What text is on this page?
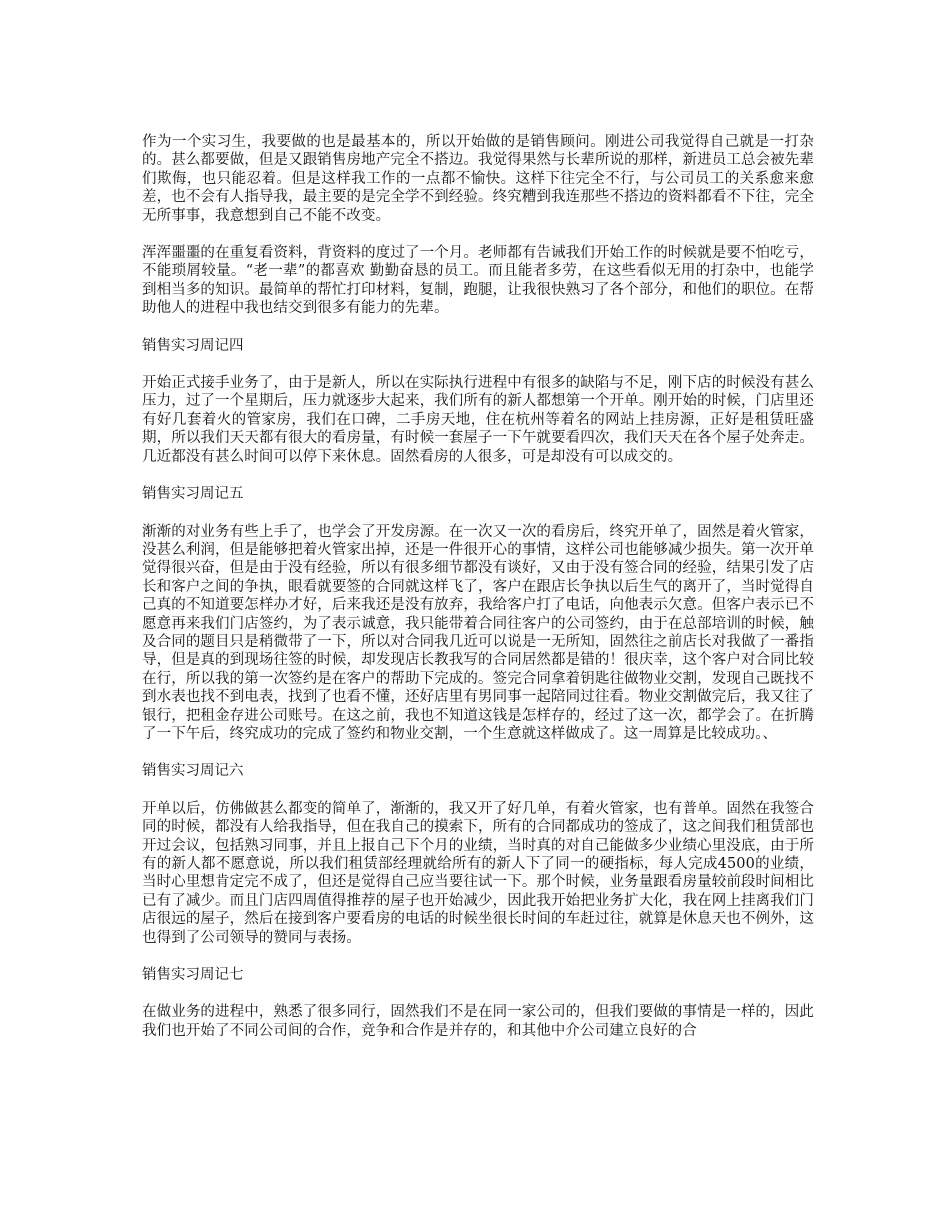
作为一个实习生，我要做的也是最基本的，所以开始做的是销售顾问。刚进公司我觉得自己就是一打杂的。甚么都要做，但是又跟销售房地产完全不搭边。我觉得果然与长辈所说的那样，新进员工总会被先辈们欺侮，也只能忍着。但是这样我工作的一点都不愉快。这样下往完全不行，与公司员工的关系愈来愈差，也不会有人指导我，最主要的是完全学不到经验。终究糟到我连那些不搭边的资料都看不下往，完全无所事事，我意想到自己不能不改变。

浑浑噩噩的在重复看资料，背资料的度过了一个月。老师都有告诫我们开始工作的时候就是要不怕吃亏，不能琐屑较量。“老一辈”的都喜欢 勤勤奋恳的员工。而且能者多劳，在这些看似无用的打杂中，也能学到相当多的知识。最简单的帮忙打印材料，复制，跑腿，让我很快熟习了各个部分，和他们的职位。在帮助他人的进程中我也结交到很多有能力的先辈。

销售实习周记四

开始正式接手业务了，由于是新人，所以在实际执行进程中有很多的缺陷与不足，刚下店的时候没有甚么压力，过了一个星期后，压力就逐步大起来，我们所有的新人都想第一个开单。刚开始的时候，门店里还有好几套着火的管家房，我们在口碑，二手房天地，住在杭州等着名的网站上挂房源，正好是租赁旺盛期，所以我们天天都有很大的看房量，有时候一套屋子一下午就要看四次，我们天天在各个屋子处奔走。几近都没有甚么时间可以停下来休息。固然看房的人很多，可是却没有可以成交的。

销售实习周记五

渐渐的对业务有些上手了，也学会了开发房源。在一次又一次的看房后，终究开单了，固然是着火管家，没甚么利润，但是能够把着火管家出掉，还是一件很开心的事情，这样公司也能够减少损失。第一次开单觉得很兴奋，但是由于没有经验，所以有很多细节都没有谈好，又由于没有签合同的经验，结果引发了店长和客户之间的争执，眼看就要签的合同就这样飞了，客户在跟店长争执以后生气的离开了，当时觉得自己真的不知道要怎样办才好，后来我还是没有放弃，我给客户打了电话，向他表示欠意。但客户表示已不愿意再来我们门店签约，为了表示诚意，我只能带着合同往客户的公司签约，由于在总部培训的时候，触及合同的题目只是稍微带了一下，所以对合同我几近可以说是一无所知，固然往之前店长对我做了一番指导，但是真的到现场往签的时候，却发现店长教我写的合同居然都是错的！很庆幸，这个客户对合同比较在行，所以我的第一次签约是在客户的帮助下完成的。签完合同拿着钥匙往做物业交割，发现自己既找不到水表也找不到电表，找到了也看不懂，还好店里有男同事一起陪同过往看。物业交割做完后，我又往了银行，把租金存进公司账号。在这之前，我也不知道这钱是怎样存的，经过了这一次，都学会了。在折腾了一下午后，终究成功的完成了签约和物业交割，一个生意就这样做成了。这一周算是比较成功。、

销售实习周记六

开单以后，仿佛做甚么都变的简单了，渐渐的，我又开了好几单，有着火管家，也有普单。固然在我签合同的时候，都没有人给我指导，但在我自己的摸索下，所有的合同都成功的签成了，这之间我们租赁部也开过会议，包括熟习同事，并且上报自己下个月的业绩，当时真的对自己能做多少业绩心里没底，由于所有的新人都不愿意说，所以我们租赁部经理就给所有的新人下了同一的硬指标，每人完成4500的业绩，当时心里想肯定完不成了，但还是觉得自己应当要往试一下。那个时候，业务量跟看房量较前段时间相比已有了减少。而且门店四周值得推荐的屋子也开始减少，因此我开始把业务扩大化，我在网上挂离我们门店很远的屋子，然后在接到客户要看房的电话的时候坐很长时间的车赶过往，就算是休息天也不例外，这也得到了公司领导的赞同与表扬。

销售实习周记七

在做业务的进程中，熟悉了很多同行，固然我们不是在同一家公司的，但我们要做的事情是一样的，因此我们也开始了不同公司间的合作，竞争和合作是并存的，和其他中介公司建立良好的合
